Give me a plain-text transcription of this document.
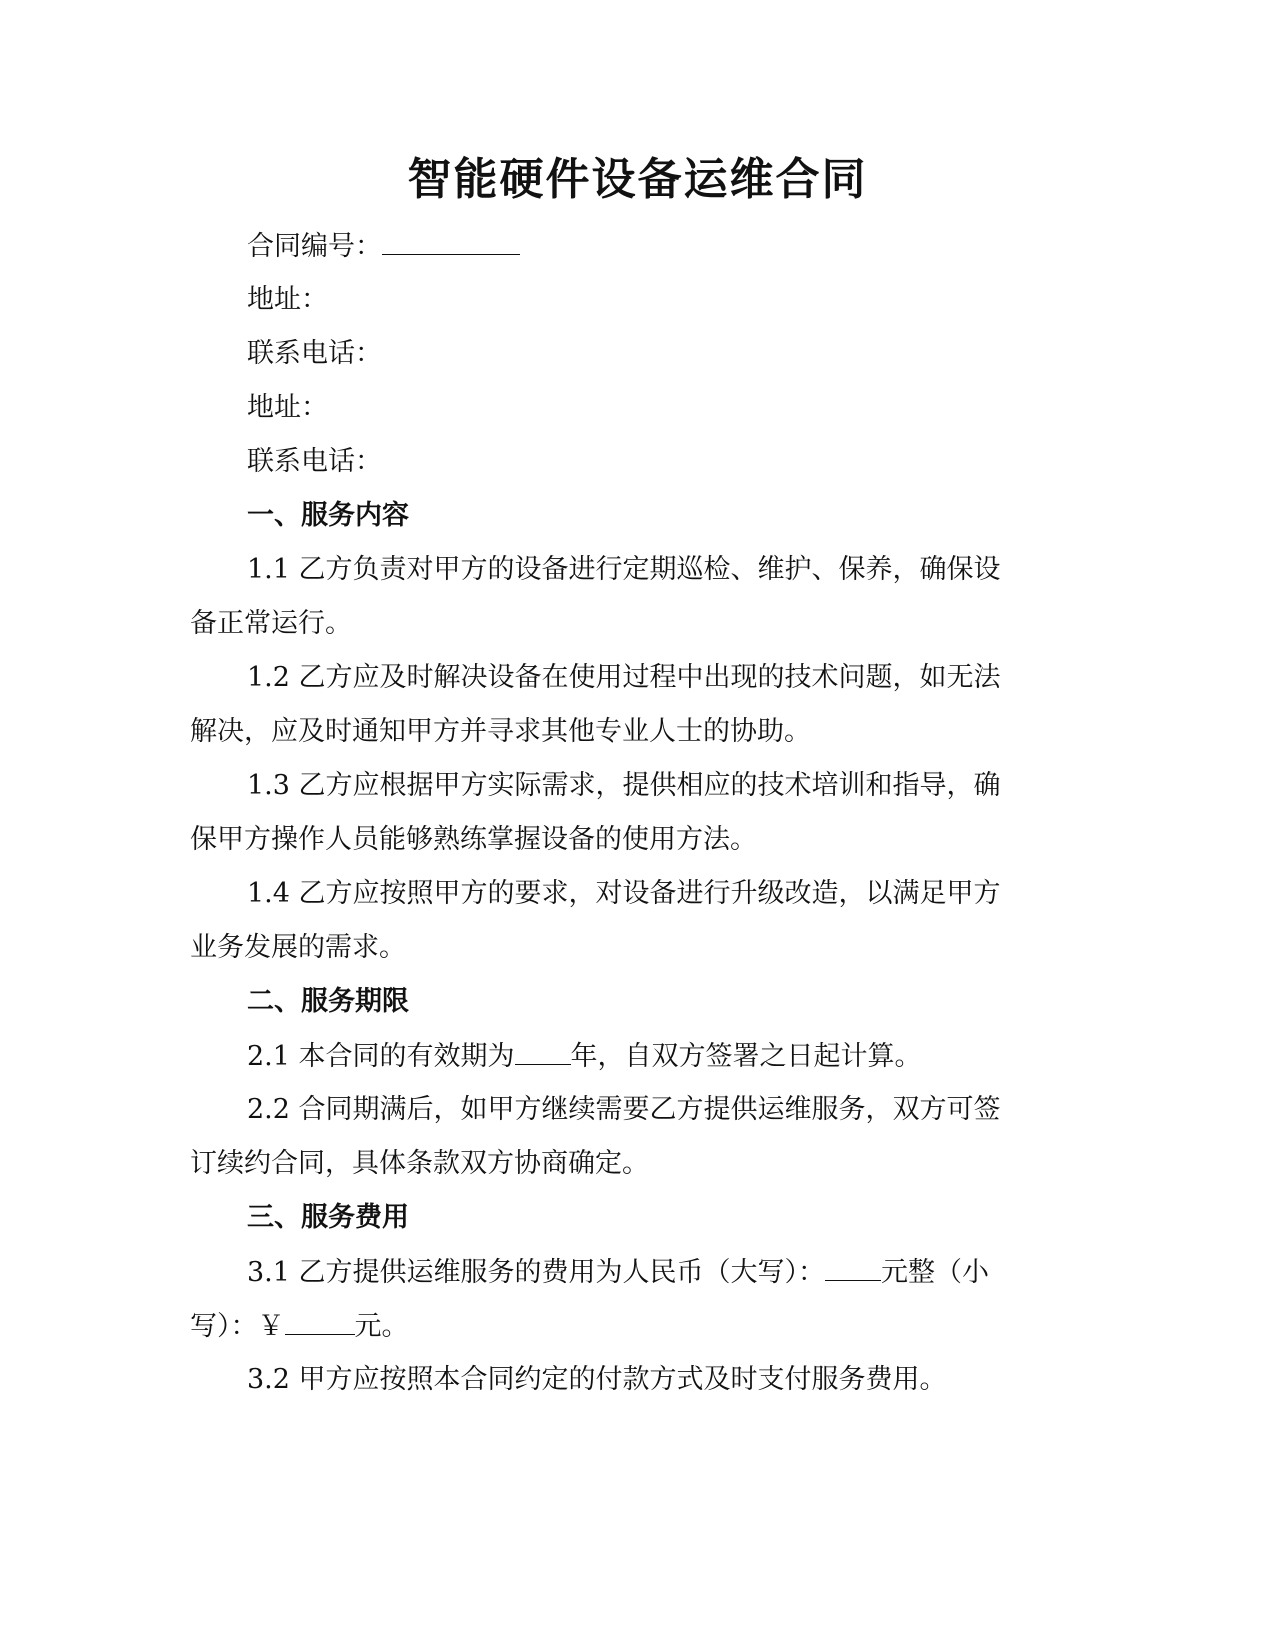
智能硬件设备运维合同
合同编号：
地址：
联系电话：
地址：
联系电话：
一、服务内容
1.1 乙方负责对甲方的设备进行定期巡检、维护、保养，确保设
备正常运行。
1.2 乙方应及时解决设备在使用过程中出现的技术问题，如无法
解决，应及时通知甲方并寻求其他专业人士的协助。
1.3 乙方应根据甲方实际需求，提供相应的技术培训和指导，确
保甲方操作人员能够熟练掌握设备的使用方法。
1.4 乙方应按照甲方的要求，对设备进行升级改造，以满足甲方
业务发展的需求。
二、服务期限
2.1 本合同的有效期为 年，自双方签署之日起计算。
2.2 合同期满后，如甲方继续需要乙方提供运维服务，双方可签
订续约合同，具体条款双方协商确定。
三、服务费用
3.1 乙方提供运维服务的费用为人民币（大写）： 元整（小
写）：￥	元。
3.2 甲方应按照本合同约定的付款方式及时支付服务费用。
